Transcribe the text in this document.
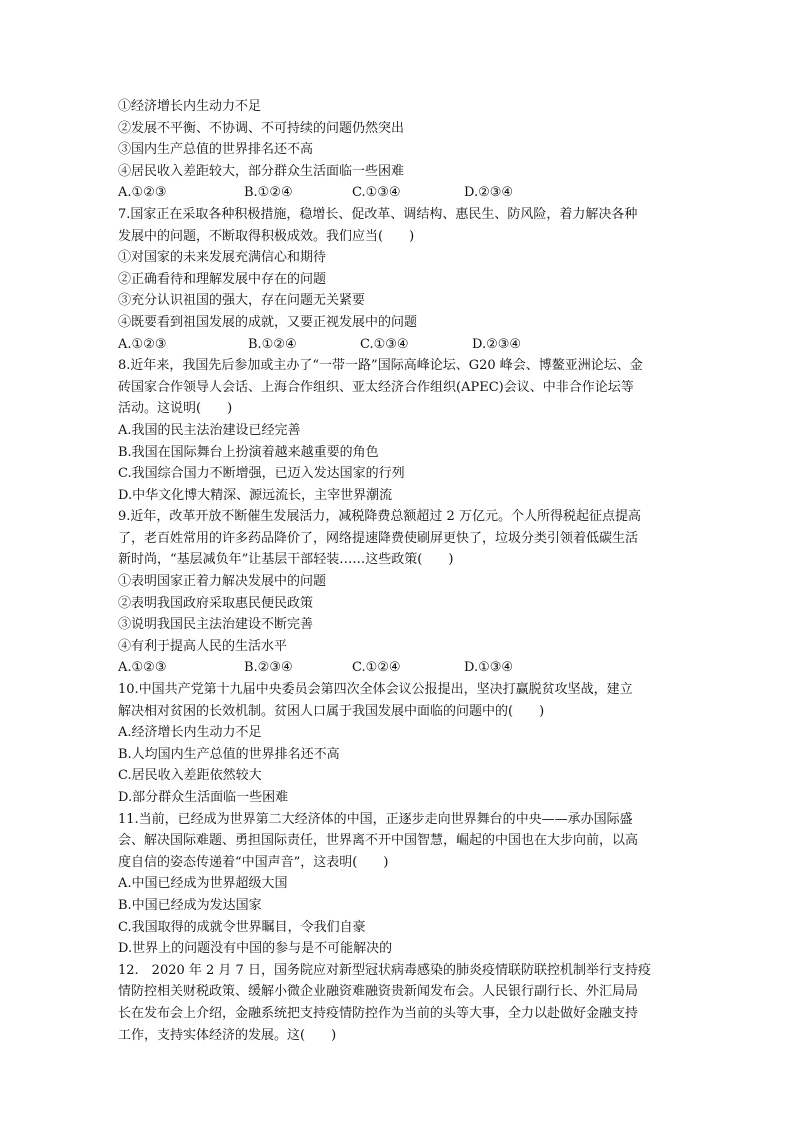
①经济增长内生动力不足
②发展不平衡、不协调、不可持续的问题仍然突出
③国内生产总值的世界排名还不高
④居民收入差距较大，部分群众生活面临一些困难
A.①②③	B.①②④	C.①③④	D.②③④
7.国家正在采取各种积极措施，稳增长、促改革、调结构、惠民生、防风险，着力解决各种
发展中的问题，不断取得积极成效。我们应当(　　)
①对国家的未来发展充满信心和期待
②正确看待和理解发展中存在的问题
③充分认识祖国的强大，存在问题无关紧要
④既要看到祖国发展的成就，又要正视发展中的问题
A.①②③	B.①②④	C.①③④	D.②③④
8.近年来，我国先后参加或主办了“一带一路”国际高峰论坛、G20 峰会、博鳌亚洲论坛、金
砖国家合作领导人会话、上海合作组织、亚太经济合作组织(APEC)会议、中非合作论坛等
活动。这说明(　　)
A.我国的民主法治建设已经完善
B.我国在国际舞台上扮演着越来越重要的角色
C.我国综合国力不断增强，已迈入发达国家的行列
D.中华文化博大精深、源远流长，主宰世界潮流
9.近年，改革开放不断催生发展活力，减税降费总额超过 2 万亿元。个人所得税起征点提高
了，老百姓常用的许多药品降价了，网络提速降费使刷屏更快了，垃圾分类引领着低碳生活
新时尚，“基层减负年”让基层干部轻装……这些政策(　　)
①表明国家正着力解决发展中的问题
②表明我国政府采取惠民便民政策
③说明我国民主法治建设不断完善
④有利于提高人民的生活水平
A.①②③	B.②③④	C.①②④	D.①③④
10.中国共产党第十九届中央委员会第四次全体会议公报提出，坚决打赢脱贫攻坚战，建立
解决相对贫困的长效机制。贫困人口属于我国发展中面临的问题中的(　　)
A.经济增长内生动力不足
B.人均国内生产总值的世界排名还不高
C.居民收入差距依然较大
D.部分群众生活面临一些困难
11.当前，已经成为世界第二大经济体的中国，正逐步走向世界舞台的中央——承办国际盛
会、解决国际难题、勇担国际责任，世界离不开中国智慧，崛起的中国也在大步向前，以高
度自信的姿态传递着“中国声音”，这表明(　　)
A.中国已经成为世界超级大国
B.中国已经成为发达国家
C.我国取得的成就令世界瞩目，令我们自豪
D.世界上的问题没有中国的参与是不可能解决的
12.　2020 年 2 月 7 日，国务院应对新型冠状病毒感染的肺炎疫情联防联控机制举行支持疫
情防控相关财税政策、缓解小微企业融资难融资贵新闻发布会。人民银行副行长、外汇局局
长在发布会上介绍，金融系统把支持疫情防控作为当前的头等大事，全力以赴做好金融支持
工作，支持实体经济的发展。这(　　)
